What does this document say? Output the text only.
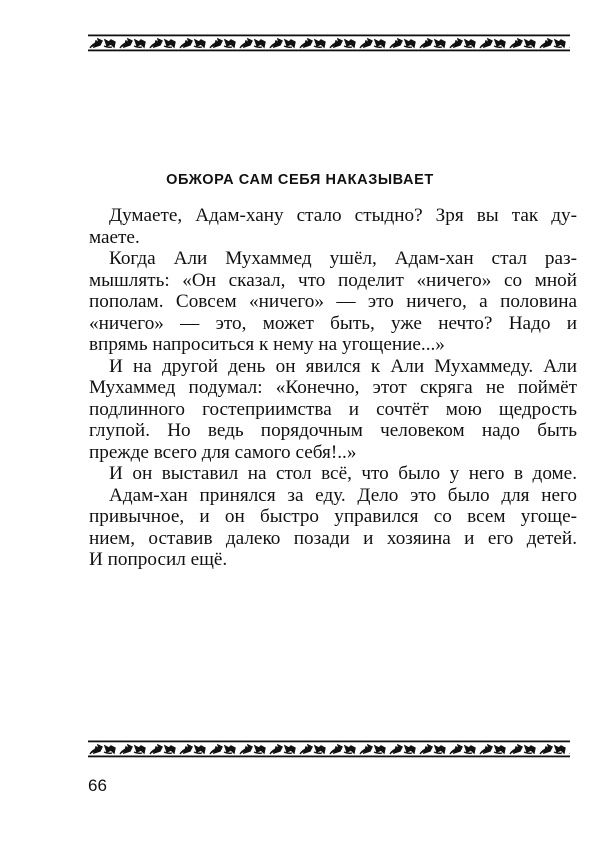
ОБЖОРА САМ СЕБЯ НАКАЗЫВАЕТ
Думаете, Адам-хану стало стыдно? Зря вы так ду-
маете.
Когда Али Мухаммед ушёл, Адам-хан стал раз-
мышлять: «Он сказал, что поделит «ничего» со мной
пополам. Совсем «ничего» — это ничего, а половина
«ничего» — это, может быть, уже нечто? Надо и
впрямь напроситься к нему на угощение...»
И на другой день он явился к Али Мухаммеду. Али
Мухаммед подумал: «Конечно, этот скряга не поймёт
подлинного гостеприимства и сочтёт мою щедрость
глупой. Но ведь порядочным человеком надо быть
прежде всего для самого себя!..»
И он выставил на стол всё, что было у него в доме.
Адам-хан принялся за еду. Дело это было для него
привычное, и он быстро управился со всем угоще-
нием, оставив далеко позади и хозяина и его детей.
И попросил ещё.
66
